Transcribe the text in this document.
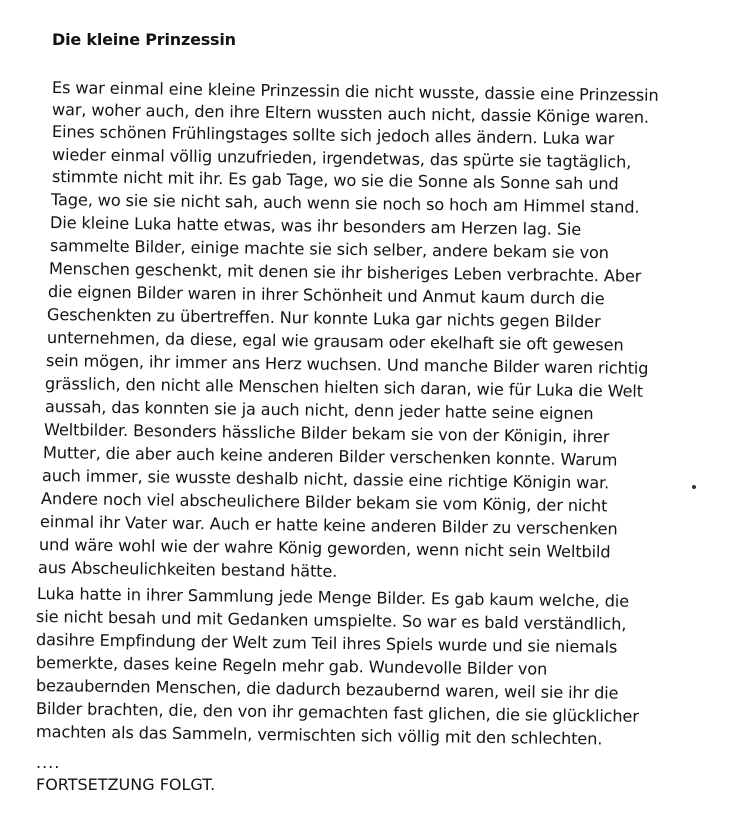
Die kleine Prinzessin
Es war einmal eine kleine Prinzessin die nicht wusste, dassie eine Prinzessin
war, woher auch, den ihre Eltern wussten auch nicht, dassie Könige waren.
Eines schönen Frühlingstages sollte sich jedoch alles ändern. Luka war
wieder einmal völlig unzufrieden, irgendetwas, das spürte sie tagtäglich,
stimmte nicht mit ihr. Es gab Tage, wo sie die Sonne als Sonne sah und
Tage, wo sie sie nicht sah, auch wenn sie noch so hoch am Himmel stand.
Die kleine Luka hatte etwas, was ihr besonders am Herzen lag. Sie
sammelte Bilder, einige machte sie sich selber, andere bekam sie von
Menschen geschenkt, mit denen sie ihr bisheriges Leben verbrachte. Aber
die eignen Bilder waren in ihrer Schönheit und Anmut kaum durch die
Geschenkten zu übertreffen. Nur konnte Luka gar nichts gegen Bilder
unternehmen, da diese, egal wie grausam oder ekelhaft sie oft gewesen
sein mögen, ihr immer ans Herz wuchsen. Und manche Bilder waren richtig
grässlich, den nicht alle Menschen hielten sich daran, wie für Luka die Welt
aussah, das konnten sie ja auch nicht, denn jeder hatte seine eignen
Weltbilder. Besonders hässliche Bilder bekam sie von der Königin, ihrer
Mutter, die aber auch keine anderen Bilder verschenken konnte. Warum
auch immer, sie wusste deshalb nicht, dassie eine richtige Königin war.
Andere noch viel abscheulichere Bilder bekam sie vom König, der nicht
einmal ihr Vater war. Auch er hatte keine anderen Bilder zu verschenken
und wäre wohl wie der wahre König geworden, wenn nicht sein Weltbild
aus Abscheulichkeiten bestand hätte.
Luka hatte in ihrer Sammlung jede Menge Bilder. Es gab kaum welche, die
sie nicht besah und mit Gedanken umspielte. So war es bald verständlich,
dasihre Empfindung der Welt zum Teil ihres Spiels wurde und sie niemals
bemerkte, dases keine Regeln mehr gab. Wundevolle Bilder von
bezaubernden Menschen, die dadurch bezaubernd waren, weil sie ihr die
Bilder brachten, die, den von ihr gemachten fast glichen, die sie glücklicher
machten als das Sammeln, vermischten sich völlig mit den schlechten.
....
FORTSETZUNG FOLGT.
